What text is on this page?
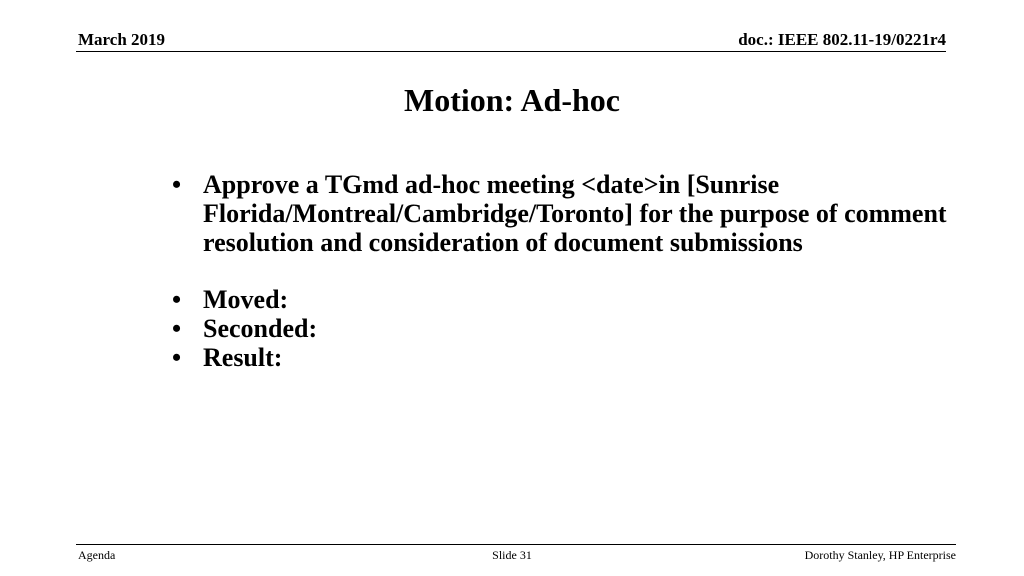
March 2019	doc.: IEEE 802.11-19/0221r4
Motion: Ad-hoc
• Approve a TGmd ad-hoc meeting <date>in [Sunrise Florida/Montreal/Cambridge/Toronto] for the purpose of comment resolution and consideration of document submissions
• Moved:
• Seconded:
• Result:
Agenda	Slide 31	Dorothy Stanley, HP Enterprise
